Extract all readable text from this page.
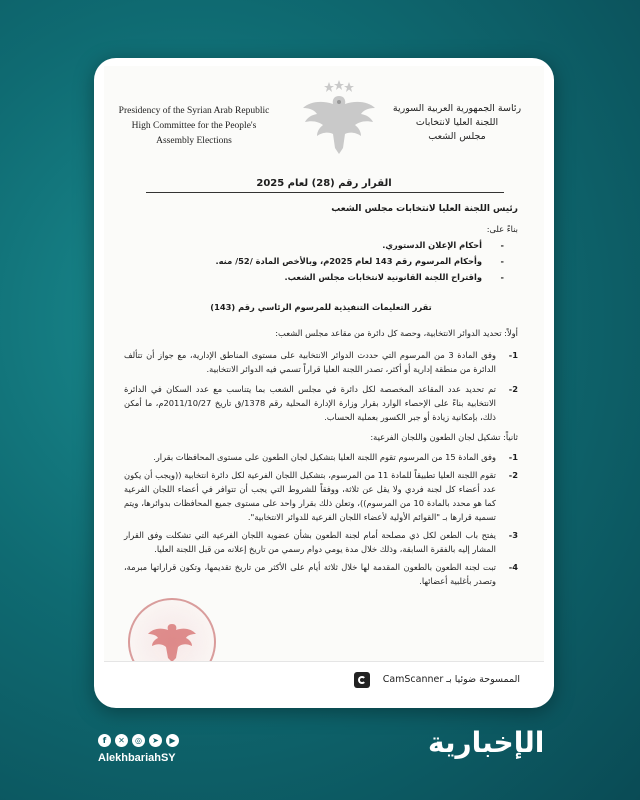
Presidency of the Syrian Arab Republic
High Committee for the People's
Assembly Elections
رئاسة الجمهورية العربية السورية
اللجنة العليا لانتخابات
مجلس الشعب
القرار رقم (28) لعام 2025
رئيس اللجنة العليا لانتخابات مجلس الشعب
بناءً على:
-
أحكام الإعلان الدستوري.
-
وأحكام المرسوم رقم 143 لعام 2025م، وبالأخص المادة /52/ منه.
-
واقتراح اللجنة القانونية لانتخابات مجلس الشعب.
تقرر التعليمات التنفيذية للمرسوم الرئاسي رقم (143)
أولاً: تحديد الدوائر الانتخابية، وحصة كل دائرة من مقاعد مجلس الشعب:
1-
وفق المادة 3 من المرسوم التي حددت الدوائر الانتخابية على مستوى المناطق الإدارية، مع جواز أن تتألف الدائرة من منطقة إدارية أو أكثر، تصدر اللجنة العليا قراراً تسمي فيه الدوائر الانتخابية.
2-
تم تحديد عدد المقاعد المخصصة لكل دائرة في مجلس الشعب بما يتناسب مع عدد السكان في الدائرة الانتخابية بناءً على الإحصاء الوارد بقرار وزارة الإدارة المحلية رقم 1378/ق تاريخ 2011/10/27م، ما أمكن ذلك، بإمكانية زيادة أو جبر الكسور بعملية الحساب.
ثانياً: تشكيل لجان الطعون واللجان الفرعية:
1-
وفق المادة 15 من المرسوم تقوم اللجنة العليا بتشكيل لجان الطعون على مستوى المحافظات بقرار.
2-
تقوم اللجنة العليا تطبيقاً للمادة 11 من المرسوم، بتشكيل اللجان الفرعية لكل دائرة انتخابية ((ويجب أن يكون عدد أعضاء كل لجنة فردي ولا يقل عن ثلاثة، ووفقاً للشروط التي يجب أن تتوافر في أعضاء اللجان الفرعية كما هو محدد بالمادة 10 من المرسوم))، وتعلن ذلك بقرار واحد على مستوى جميع المحافظات بدوائرها، ويتم تسمية قرارها بـ "القوائم الأولية لأعضاء اللجان الفرعية للدوائر الانتخابية".
3-
يفتح باب الطعن لكل ذي مصلحة أمام لجنة الطعون بشأن عضوية اللجان الفرعية التي تشكلت وفق القرار المشار إليه بالفقرة السابقة، وذلك خلال مدة يومي دوام رسمي من تاريخ إعلانه من قبل اللجنة العليا.
4-
تبت لجنة الطعون بالطعون المقدمة لها خلال ثلاثة أيام على الأكثر من تاريخ تقديمها، وتكون قراراتها مبرمة، وتصدر بأغلبية أعضائها.
الممسوحة ضوئيا بـ CamScanner
f	✕	◎	➤	▶
AlekhbariahSY	الإخبارية
